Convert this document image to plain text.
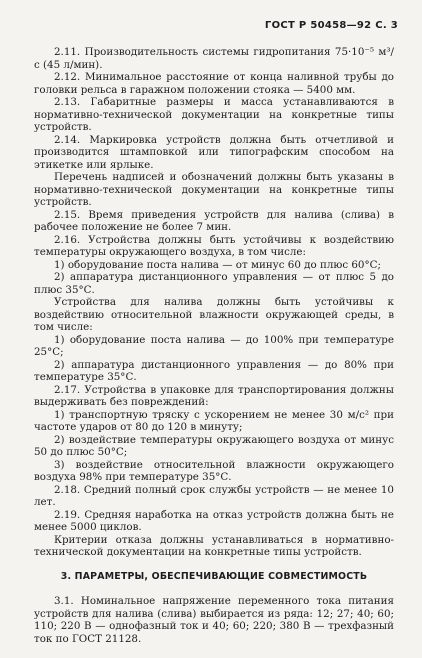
ГОСТ Р 50458—92 С. 3

2.11. Производительность системы гидропитания 75·10⁻⁵ м³/с (45 л/мин).

2.12. Минимальное расстояние от конца наливной трубы до головки рельса в гаражном положении стояка — 5400 мм.

2.13. Габаритные размеры и масса устанавливаются в нормативно-технической документации на конкретные типы устройств.

2.14. Маркировка устройств должна быть отчетливой и производится штамповкой или типографским способом на этикетке или ярлыке.

Перечень надписей и обозначений должны быть указаны в нормативно-технической документации на конкретные типы устройств.

2.15. Время приведения устройств для налива (слива) в рабочее положение не более 7 мин.

2.16. Устройства должны быть устойчивы к воздействию температуры окружающего воздуха, в том числе:

1) оборудование поста налива — от минус 60 до плюс 60°С;

2) аппаратура дистанционного управления — от плюс 5 до плюс 35°С.

Устройства для налива должны быть устойчивы к воздействию относительной влажности окружающей среды, в том числе:

1) оборудование поста налива — до 100% при температуре 25°С;

2) аппаратура дистанционного управления — до 80% при температуре 35°С.

2.17. Устройства в упаковке для транспортирования должны выдерживать без повреждений:

1) транспортную тряску с ускорением не менее 30 м/с² при частоте ударов от 80 до 120 в минуту;

2) воздействие температуры окружающего воздуха от минус 50 до плюс 50°С;

3) воздействие относительной влажности окружающего воздуха 98% при температуре 35°С.

2.18. Средний полный срок службы устройств — не менее 10 лет.

2.19. Средняя наработка на отказ устройств должна быть не менее 5000 циклов.

Критерии отказа должны устанавливаться в нормативно-технической документации на конкретные типы устройств.

3. ПАРАМЕТРЫ, ОБЕСПЕЧИВАЮЩИЕ СОВМЕСТИМОСТЬ

3.1. Номинальное напряжение переменного тока питания устройств для налива (слива) выбирается из ряда: 12; 27; 40; 60; 110; 220 В — однофазный ток и 40; 60; 220; 380 В — трехфазный ток по ГОСТ 21128.
